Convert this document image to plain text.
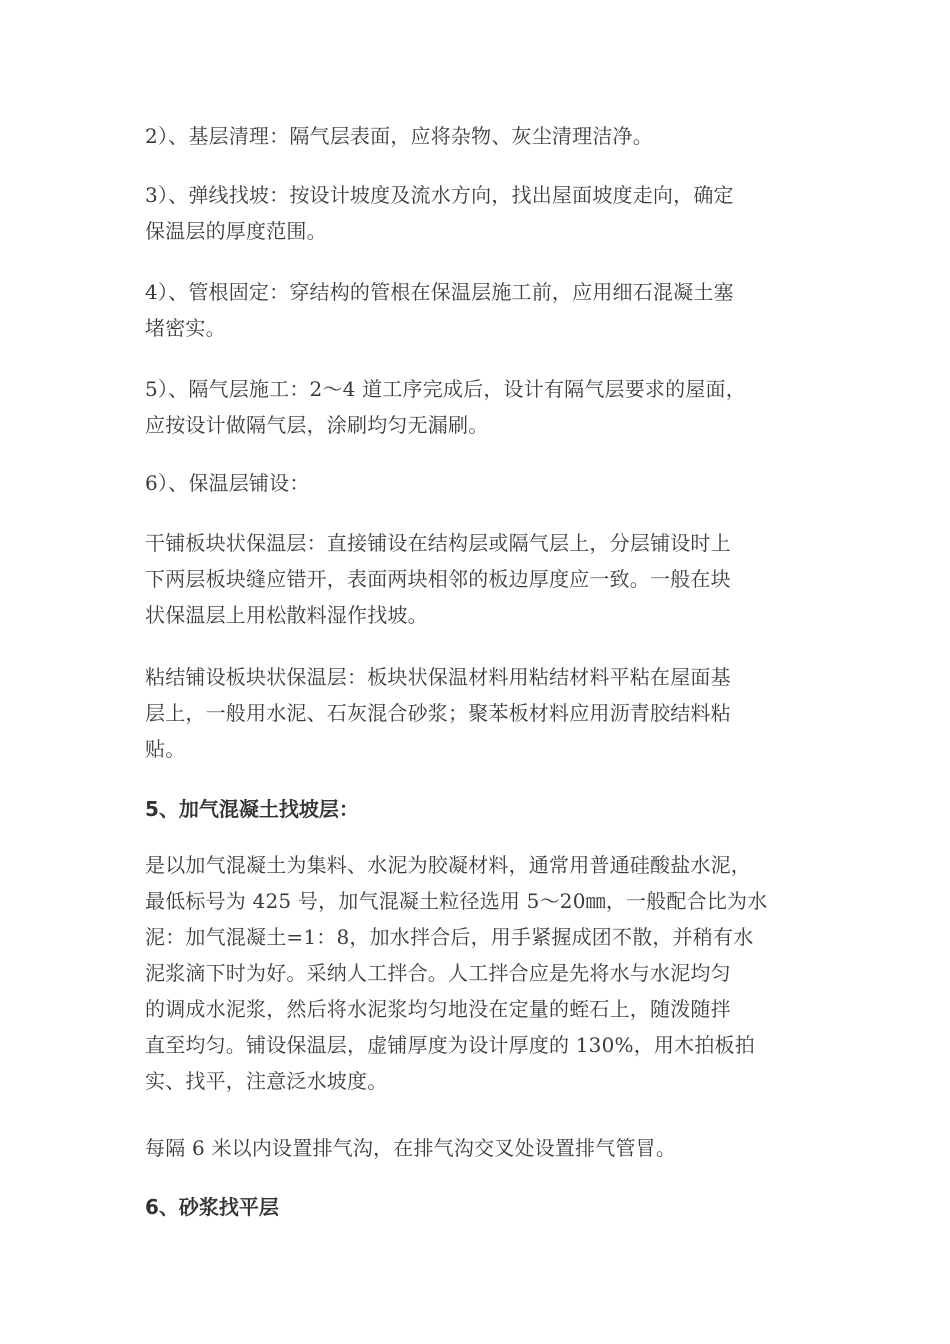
2）、基层清理：隔气层表面，应将杂物、灰尘清理洁净。
3）、弹线找坡：按设计坡度及流水方向，找出屋面坡度走向，确定
保温层的厚度范围。
4）、管根固定：穿结构的管根在保温层施工前，应用细石混凝土塞
堵密实。
5）、隔气层施工：2～4 道工序完成后，设计有隔气层要求的屋面，
应按设计做隔气层，涂刷均匀无漏刷。
6）、保温层铺设：
干铺板块状保温层：直接铺设在结构层或隔气层上，分层铺设时上
下两层板块缝应错开，表面两块相邻的板边厚度应一致。一般在块
状保温层上用松散料湿作找坡。
粘结铺设板块状保温层：板块状保温材料用粘结材料平粘在屋面基
层上，一般用水泥、石灰混合砂浆；聚苯板材料应用沥青胶结料粘
贴。
5、加气混凝土找坡层：
是以加气混凝土为集料、水泥为胶凝材料，通常用普通硅酸盐水泥，
最低标号为 425 号，加气混凝土粒径选用 5～20㎜，一般配合比为水
泥：加气混凝土=1：8，加水拌合后，用手紧握成团不散，并稍有水
泥浆滴下时为好。采纳人工拌合。人工拌合应是先将水与水泥均匀
的调成水泥浆，然后将水泥浆均匀地没在定量的蛭石上，随泼随拌
直至均匀。铺设保温层，虚铺厚度为设计厚度的 130%，用木拍板拍
实、找平，注意泛水坡度。
每隔 6 米以内设置排气沟，在排气沟交叉处设置排气管冒。
6、砂浆找平层
